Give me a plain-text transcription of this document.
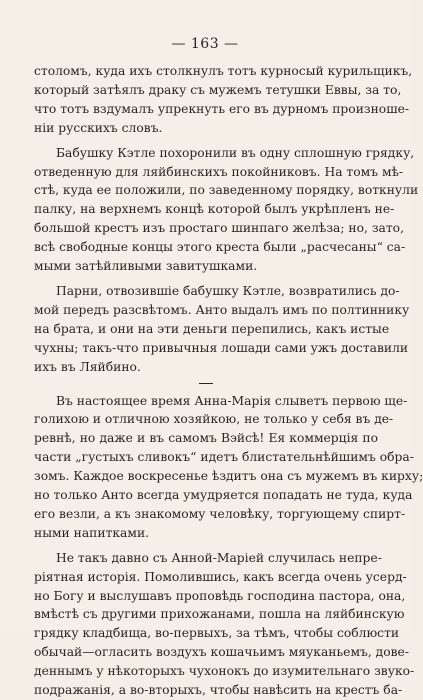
— 163 —
столомъ, куда ихъ столкнулъ тотъ курносый курильщикъ,
который затѣялъ драку съ мужемъ тетушки Еввы, за то,
что тотъ вздумалъ упрекнуть его въ дурномъ произноше-
ніи русскихъ словъ.
Бабушку Кэтле похоронили въ одну сплошную грядку,
отведенную для ляйбинскихъ покойниковъ. На томъ мѣ-
стѣ, куда ее положили, по заведенному порядку, воткнули
палку, на верхнемъ концѣ которой былъ укрѣпленъ не-
большой крестъ изъ простаго шинпаго желѣза; но, зато,
всѣ свободные концы этого креста были „расчесаны“ са-
мыми затѣйливыми завитушками.
Парни, отвозившіе бабушку Кэтле, возвратились до-
мой передъ разсвѣтомъ. Анто выдалъ имъ по полтиннику
на брата, и они на эти деньги перепились, какъ истые
чухны; такъ-что привычныя лошади сами ужъ доставили
ихъ въ Ляйбино.
Въ настоящее время Анна-Марія слыветъ первою ще-
голихою и отличною хозяйкою, не только у себя въ де-
ревнѣ, но даже и въ самомъ Вэйсѣ! Ея коммерція по
части „густыхъ сливокъ“ идетъ блистательнѣйшимъ обра-
зомъ. Каждое воскресенье ѣздитъ она съ мужемъ въ кирху;
но только Анто всегда умудряется попадать не туда, куда
его везли, а къ знакомому человѣку, торгующему спирт-
ными напитками.
Не такъ давно съ Анной-Маріей случилась непре-
ріятная исторія. Помолившись, какъ всегда очень усерд-
но Богу и выслушавъ проповѣдь господина пастора, она,
вмѣстѣ съ другими прихожанами, пошла на ляйбинскую
грядку кладбища, во-первыхъ, за тѣмъ, чтобы соблюсти
обычай—оглаcить воздухъ кошачьимъ мяуканьемъ, дове-
деннымъ у нѣкоторыхъ чухонокъ до изумительнаго звуко-
подражанія, а во-вторыхъ, чтобы навѣсить на крестъ ба-
